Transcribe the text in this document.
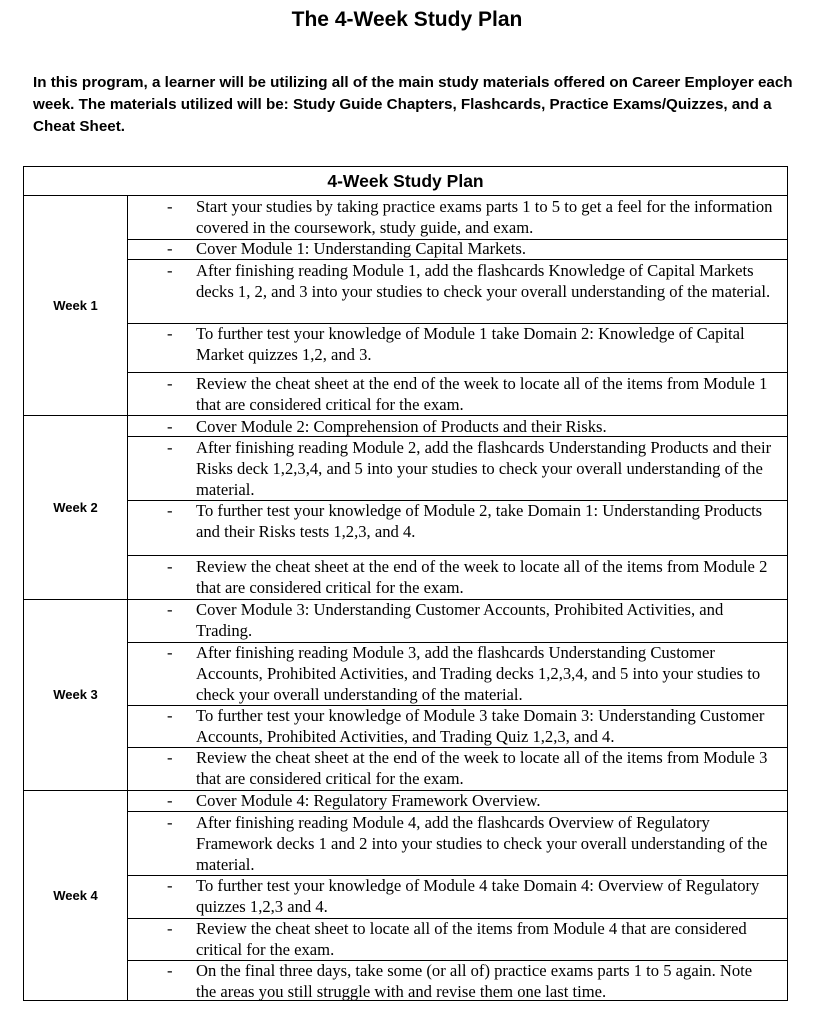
The 4-Week Study Plan
In this program, a learner will be utilizing all of the main study materials offered on Career Employer each week. The materials utilized will be: Study Guide Chapters, Flashcards, Practice Exams/Quizzes, and a Cheat Sheet.
4-Week Study Plan
Week 1
- Start your studies by taking practice exams parts 1 to 5 to get a feel for the information covered in the coursework, study guide, and exam.
- Cover Module 1: Understanding Capital Markets.
- After finishing reading Module 1, add the flashcards Knowledge of Capital Markets decks 1, 2, and 3 into your studies to check your overall understanding of the material.
- To further test your knowledge of Module 1 take Domain 2: Knowledge of Capital Market quizzes 1,2, and 3.
- Review the cheat sheet at the end of the week to locate all of the items from Module 1 that are considered critical for the exam.
Week 2
- Cover Module 2: Comprehension of Products and their Risks.
- After finishing reading Module 2, add the flashcards Understanding Products and their Risks deck 1,2,3,4, and 5 into your studies to check your overall understanding of the material.
- To further test your knowledge of Module 2, take Domain 1: Understanding Products and their Risks tests 1,2,3, and 4.
- Review the cheat sheet at the end of the week to locate all of the items from Module 2 that are considered critical for the exam.
Week 3
- Cover Module 3: Understanding Customer Accounts, Prohibited Activities, and Trading.
- After finishing reading Module 3, add the flashcards Understanding Customer Accounts, Prohibited Activities, and Trading decks 1,2,3,4, and 5 into your studies to check your overall understanding of the material.
- To further test your knowledge of Module 3 take Domain 3: Understanding Customer Accounts, Prohibited Activities, and Trading Quiz 1,2,3, and 4.
- Review the cheat sheet at the end of the week to locate all of the items from Module 3 that are considered critical for the exam.
Week 4
- Cover Module 4: Regulatory Framework Overview.
- After finishing reading Module 4, add the flashcards Overview of Regulatory Framework decks 1 and 2 into your studies to check your overall understanding of the material.
- To further test your knowledge of Module 4 take Domain 4: Overview of Regulatory quizzes 1,2,3 and 4.
- Review the cheat sheet to locate all of the items from Module 4 that are considered critical for the exam.
- On the final three days, take some (or all of) practice exams parts 1 to 5 again. Note the areas you still struggle with and revise them one last time.
